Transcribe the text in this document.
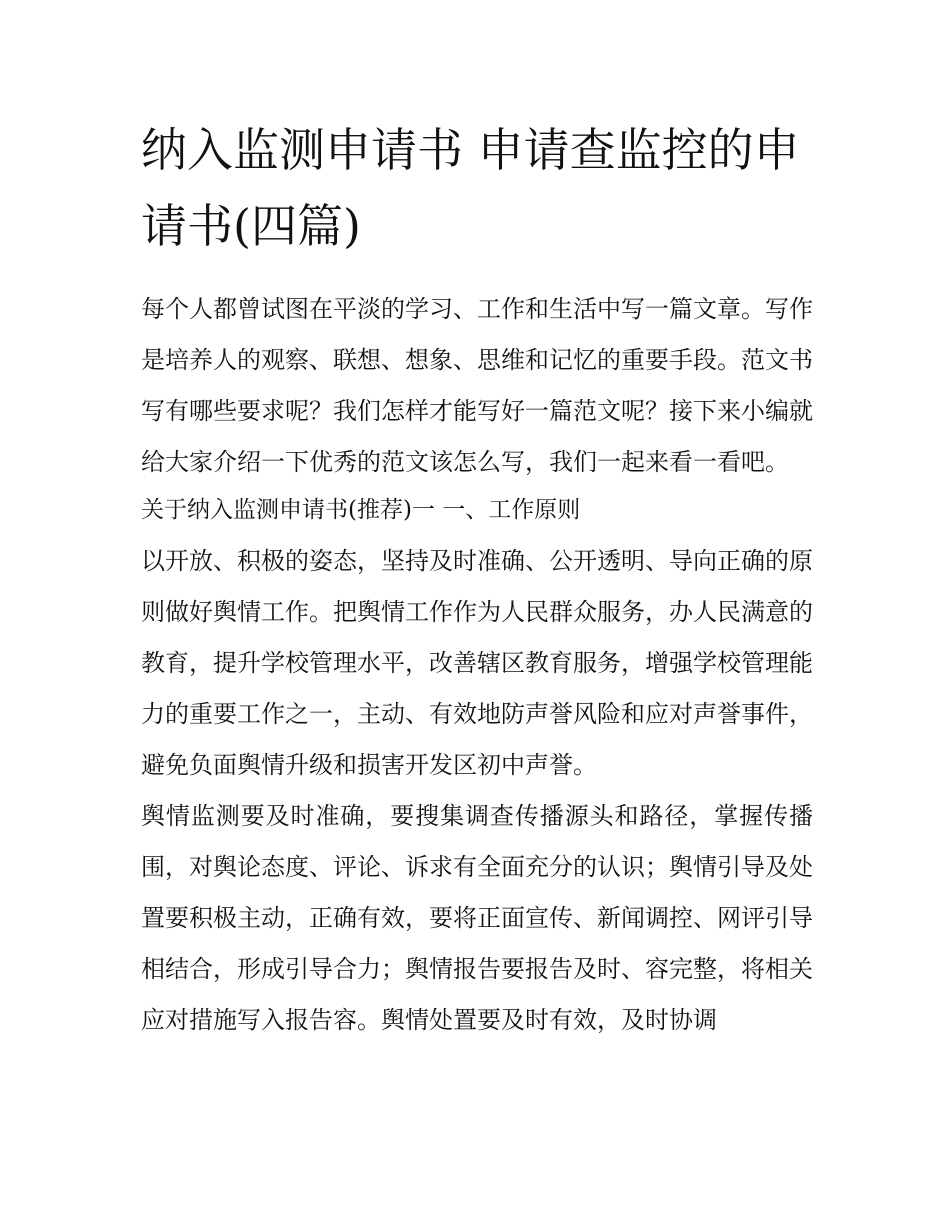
纳入监测申请书 申请查监控的申请书(四篇)

每个人都曾试图在平淡的学习、工作和生活中写一篇文章。写作是培养人的观察、联想、想象、思维和记忆的重要手段。范文书写有哪些要求呢？我们怎样才能写好一篇范文呢？接下来小编就给大家介绍一下优秀的范文该怎么写，我们一起来看一看吧。

关于纳入监测申请书(推荐)一 一、工作原则

以开放、积极的姿态，坚持及时准确、公开透明、导向正确的原则做好舆情工作。把舆情工作作为人民群众服务，办人民满意的教育，提升学校管理水平，改善辖区教育服务，增强学校管理能力的重要工作之一，主动、有效地防声誉风险和应对声誉事件，避免负面舆情升级和损害开发区初中声誉。

舆情监测要及时准确，要搜集调查传播源头和路径，掌握传播围，对舆论态度、评论、诉求有全面充分的认识；舆情引导及处置要积极主动，正确有效，要将正面宣传、新闻调控、网评引导相结合，形成引导合力；舆情报告要报告及时、容完整，将相关应对措施写入报告容。舆情处置要及时有效，及时协调
